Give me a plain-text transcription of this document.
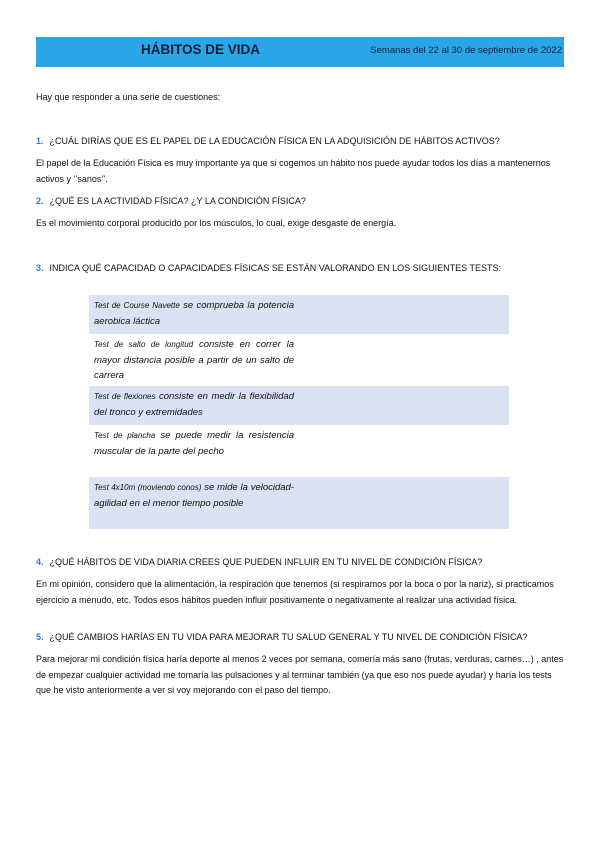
HÁBITOS DE VIDA	Semanas del 22 al 30 de septiembre de 2022

Hay que responder a una serie de cuestiones:

1. ¿CUÁL DIRÍAS QUE ES EL PAPEL DE LA EDUCACIÓN FÍSICA EN LA ADQUISICIÓN DE HÁBITOS ACTIVOS?

El papel de la Educación Física es muy importante ya que si cogemos un hábito nos puede ayudar todos los días a mantenernos activos y ‘’sanos’’.

2. ¿QUÉ ES LA ACTIVIDAD FÍSICA? ¿Y LA CONDICIÓN FÍSICA?

Es el movimiento corporal producido por los músculos, lo cual, exige desgaste de energía.

3. INDICA QUÉ CAPACIDAD O CAPACIDADES FÍSICAS SE ESTÁN VALORANDO EN LOS SIGUIENTES TESTS:
Test de Course Navette se comprueba la potencia aerobica láctica
Test de salto de longitud consiste en correr la mayor distancia posible a partir de un salto de carrera
Test de flexiones consiste en medir la flexibilidad del tronco y extremidades
Test de plancha se puede medir la resistencia muscular de la parte del pecho
Test 4x10m (moviendo conos) se mide la velocidad-agilidad en el menor tiempo posible
4. ¿QUÉ HÁBITOS DE VIDA DIARIA CREES QUE PUEDEN INFLUIR EN TU NIVEL DE CONDICIÓN FÍSICA?

En mi opinión, considero que la alimentación, la respiración que tenemos (si respiramos por la boca o por la nariz), si practicamos ejercicio a menudo, etc. Todos esos hábitos pueden influir positivamente o negativamente al realizar una actividad física.

5. ¿QUÉ CAMBIOS HARÍAS EN TU VIDA PARA MEJORAR TU SALUD GENERAL Y TU NIVEL DE CONDICIÓN FÍSICA?

Para mejorar mi condición física haría deporte al menos 2 veces por semana, comería más sano (frutas, verduras, carnes…) , antes de empezar cualquier actividad me tomaría las pulsaciones y al terminar también (ya que eso nos puede ayudar) y haría los tests que he visto anteriormente a ver si voy mejorando con el paso del tiempo.
